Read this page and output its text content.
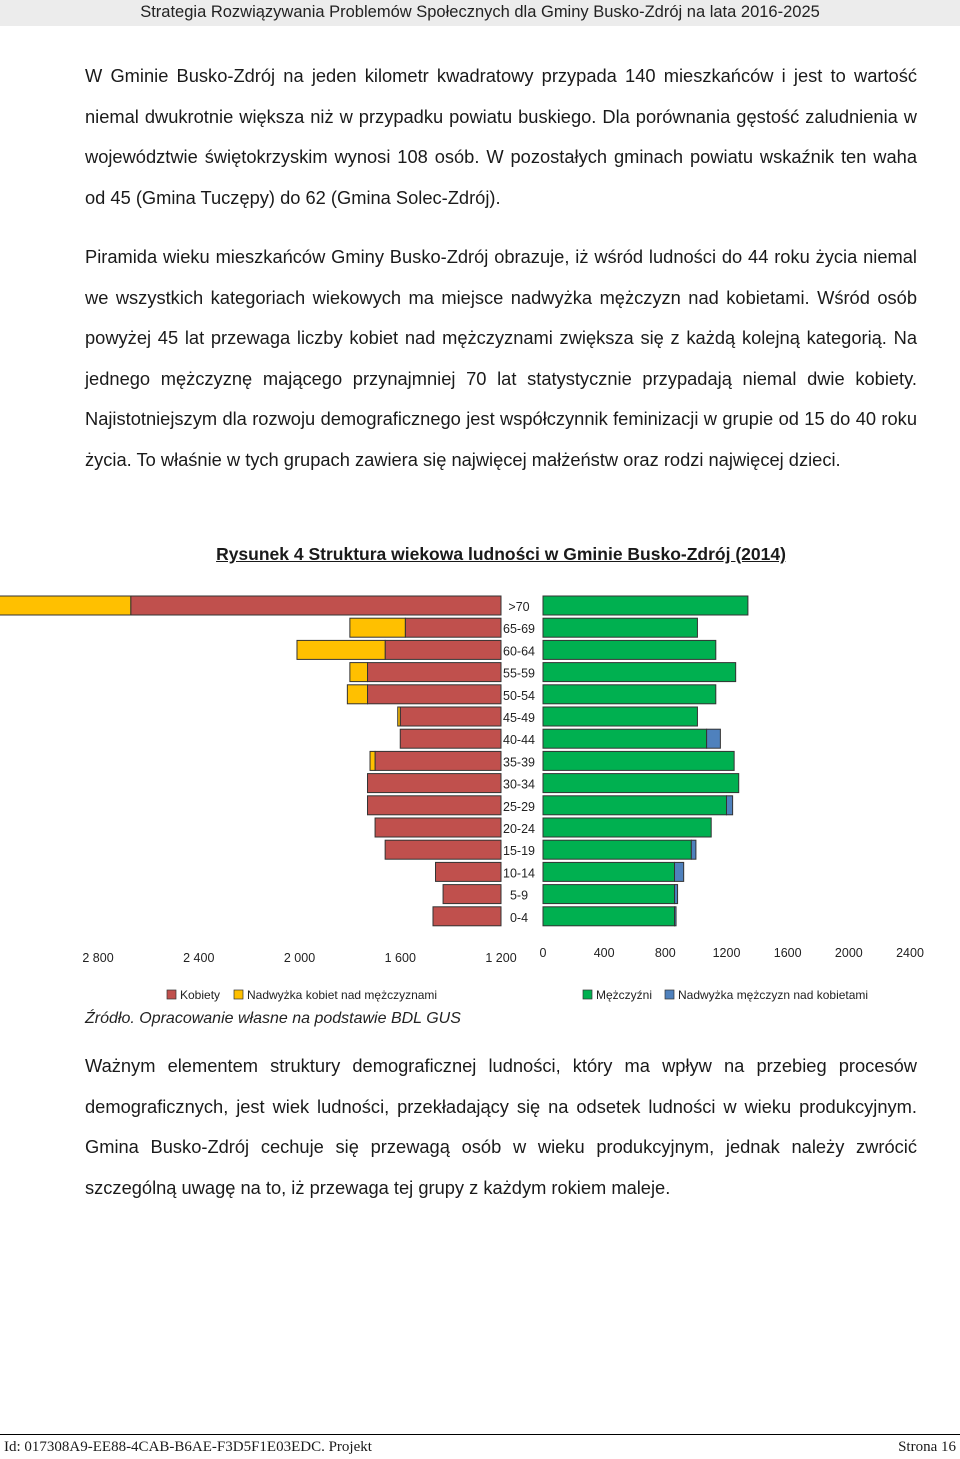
Strategia Rozwiązywania Problemów Społecznych dla Gminy Busko-Zdrój na lata 2016-2025

W Gminie Busko-Zdrój na jeden kilometr kwadratowy przypada 140 mieszkańców i jest to wartość niemal dwukrotnie większa niż w przypadku powiatu buskiego. Dla porównania gęstość zaludnienia w województwie świętokrzyskim wynosi 108 osób. W pozostałych gminach powiatu wskaźnik ten waha od 45 (Gmina Tuczępy) do 62 (Gmina Solec-Zdrój).

Piramida wieku mieszkańców Gminy Busko-Zdrój obrazuje, iż wśród ludności do 44 roku życia niemal we wszystkich kategoriach wiekowych ma miejsce nadwyżka mężczyzn nad kobietami. Wśród osób powyżej 45 lat przewaga liczby kobiet nad mężczyznami zwiększa się z każdą kolejną kategorią. Na jednego mężczyznę mającego przynajmniej 70 lat statystycznie przypadają niemal dwie kobiety. Najistotniejszym dla rozwoju demograficznego jest współczynnik feminizacji w grupie od 15 do 40 roku życia. To właśnie w tych grupach zawiera się najwięcej małżeństw oraz rodzi najwięcej dzieci.

Rysunek 4 Struktura wiekowa ludności w Gminie Busko-Zdrój (2014)
>70
65-69
60-64
55-59
50-54
45-49
40-44
35-39
30-34
25-29
20-24
15-19
10-14
5-9
0-4
2 800	2 400	2 000	1 600	1 200 0	400	800	1200	1600	2000	2400
Kobiety Nadwyżka kobiet nad mężczyznami	Mężczyźni Nadwyżka mężczyzn nad kobietami
Źródło. Opracowanie własne na podstawie BDL GUS

Ważnym elementem struktury demograficznej ludności, który ma wpływ na przebieg procesów demograficznych, jest wiek ludności, przekładający się na odsetek ludności w wieku produkcyjnym. Gmina Busko-Zdrój cechuje się przewagą osób w wieku produkcyjnym, jednak należy zwrócić szczególną uwagę na to, iż przewaga tej grupy z każdym rokiem maleje.

Id: 017308A9-EE88-4CAB-B6AE-F3D5F1E03EDC. Projekt	Strona 16
